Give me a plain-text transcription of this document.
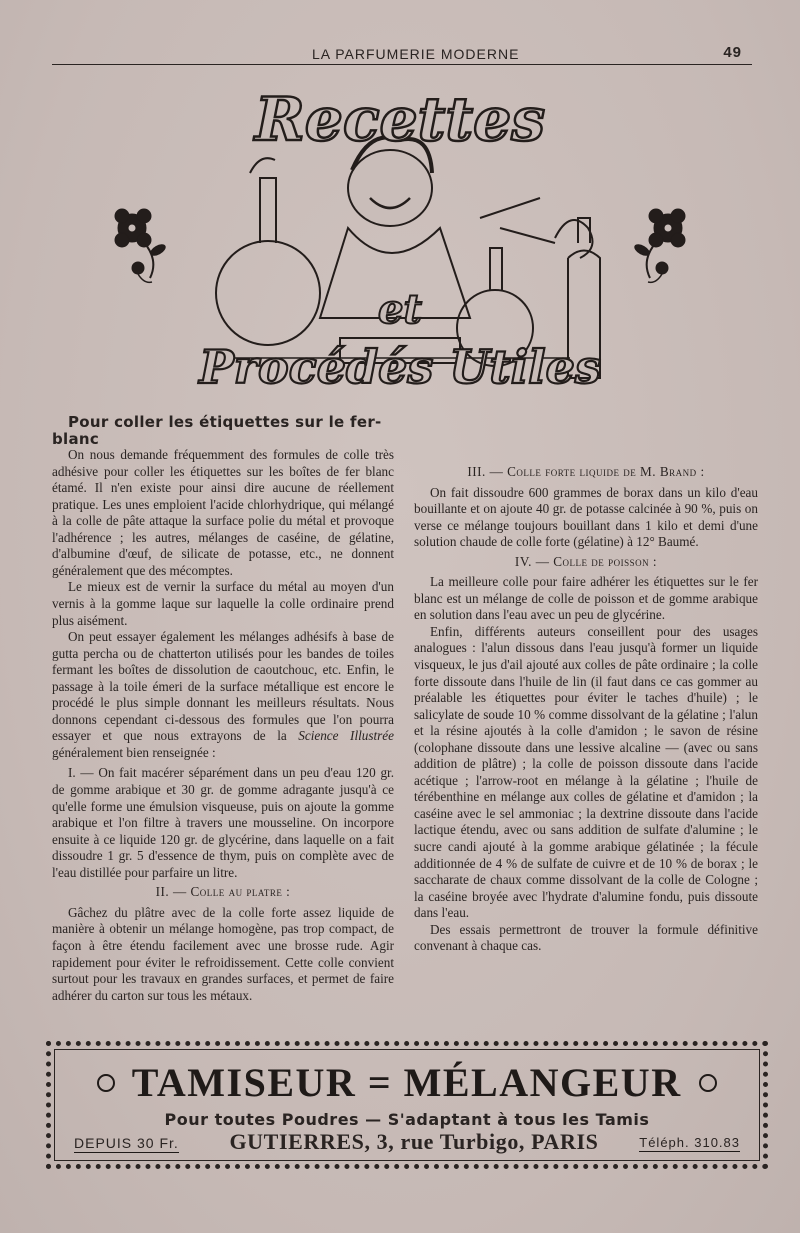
LA PARFUMERIE MODERNE	49
Recettes
et
Procédés Utiles

Pour coller les étiquettes sur le fer-blanc

On nous demande fréquemment des formules de colle très adhésive pour coller les étiquettes sur les boîtes de fer blanc étamé. Il n'en existe pour ainsi dire aucune de réellement pratique. Les unes emploient l'acide chlorhydrique, qui mélangé à la colle de pâte attaque la surface polie du métal et provoque l'adhérence ; les autres, mélanges de caséine, de gélatine, d'albumine d'œuf, de silicate de potasse, etc., ne donnent généralement que des mécomptes.

Le mieux est de vernir la surface du métal au moyen d'un vernis à la gomme laque sur laquelle la colle ordinaire prend plus aisément.

On peut essayer également les mélanges adhésifs à base de gutta percha ou de chatterton utilisés pour les bandes de toiles fermant les boîtes de dissolution de caoutchouc, etc. Enfin, le passage à la toile émeri de la surface métallique est encore le procédé le plus simple donnant les meilleurs résultats. Nous donnons cependant ci-dessous des formules que l'on pourra essayer et que nous extrayons de la Science Illustrée généralement bien renseignée :

I. — On fait macérer séparément dans un peu d'eau 120 gr. de gomme arabique et 30 gr. de gomme adragante jusqu'à ce qu'elle forme une émulsion visqueuse, puis on ajoute la gomme arabique et l'on filtre à travers une mousseline. On incorpore ensuite à ce liquide 120 gr. de glycérine, dans laquelle on a fait dissoudre 1 gr. 5 d'essence de thym, puis on complète avec de l'eau distillée pour parfaire un litre.

II. — Colle au platre :

Gâchez du plâtre avec de la colle forte assez liquide de manière à obtenir un mélange homogène, pas trop compact, de façon à être étendu facilement avec une brosse rude. Agir rapidement pour éviter le refroidissement. Cette colle convient surtout pour les travaux en grandes surfaces, et permet de faire adhérer du carton sur tous les métaux.

III. — Colle forte liquide de M. Brand :

On fait dissoudre 600 grammes de borax dans un kilo d'eau bouillante et on ajoute 40 gr. de potasse calcinée à 90 %, puis on verse ce mélange toujours bouillant dans 1 kilo et demi d'une solution chaude de colle forte (gélatine) à 12° Baumé.

IV. — Colle de poisson :

La meilleure colle pour faire adhérer les étiquettes sur le fer blanc est un mélange de colle de poisson et de gomme arabique en solution dans l'eau avec un peu de glycérine.

Enfin, différents auteurs conseillent pour des usages analogues : l'alun dissous dans l'eau jusqu'à former un liquide visqueux, le jus d'ail ajouté aux colles de pâte ordinaire ; la colle forte dissoute dans l'huile de lin (il faut dans ce cas gommer au préalable les étiquettes pour éviter le taches d'huile) ; le salicylate de soude 10 % comme dissolvant de la gélatine ; l'alun et la résine ajoutés à la colle d'amidon ; le savon de résine (colophane dissoute dans une lessive alcaline — (avec ou sans addition de plâtre) ; la colle de poisson dissoute dans l'acide acétique ; l'arrow-root en mélange à la gélatine ; l'huile de térébenthine en mélange aux colles de gélatine et d'amidon ; la caséine avec le sel ammoniac ; la dextrine dissoute dans l'acide lactique étendu, avec ou sans addition de sulfate d'alumine ; le sucre candi ajouté à la gomme arabique gélatinée ; la fécule additionnée de 4 % de sulfate de cuivre et de 10 % de borax ; le saccharate de chaux comme dissolvant de la colle de Cologne ; la caséine broyée avec l'hydrate d'alumine fondu, puis dissoute dans l'eau.

Des essais permettront de trouver la formule définitive convenant à chaque cas.

TAMISEUR = MÉLANGEUR
Pour toutes Poudres — S'adaptant à tous les Tamis
DEPUIS 30 Fr. GUTIERRES, 3, rue Turbigo, PARIS	Téléph. 310.83
